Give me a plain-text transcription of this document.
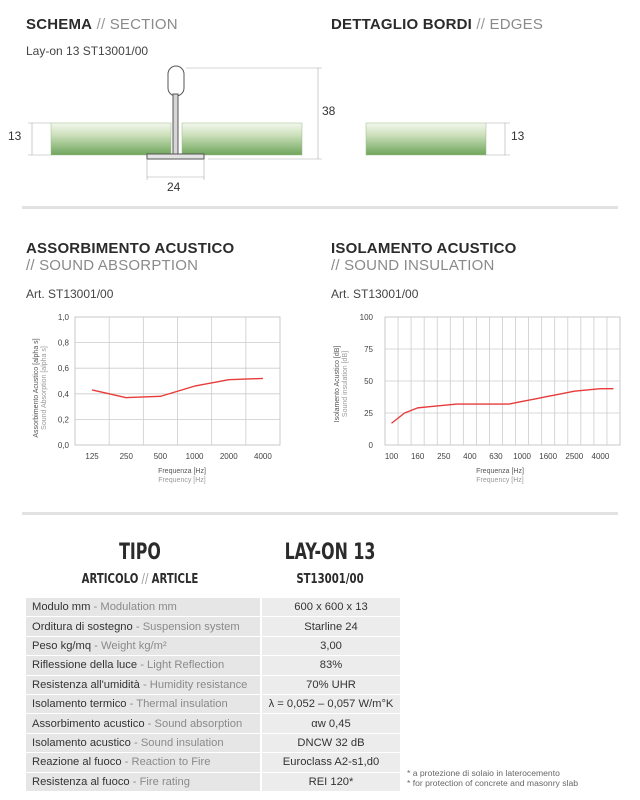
SCHEMA // SECTION
Lay-on 13 ST13001/00
DETTAGLIO BORDI // EDGES
13
38
24
13
ASSORBIMENTO ACUSTICO
// SOUND ABSORPTION
Art. ST13001/00
ISOLAMENTO ACUSTICO
// SOUND INSULATION
Art. ST13001/00
0,0
0,2
0,4
0,6
0,8
1,0
125	250	500 1000 2000 4000
0
25
50
75
100
100 160 250 400 630 1000 1600 2500 4000
Assorbimento Acustico [alpha s] Sound Absorption [alpha s]
Frequenza [Hz]
Frequency [Hz]
Isolamento Acustico [dB] Sound insulation [dB]
Frequenza [Hz]
Frequency [Hz]
TIPO
ARTICOLO // ARTICLE
LAY-ON 13
ST13001/00
Modulo mm - Modulation mm	600 x 600 x 13
Orditura di sostegno - Suspension system	Starline 24
Peso kg/mq - Weight kg/m²	3,00
Riflessione della luce - Light Reflection	83%
Resistenza all'umidità - Humidity resistance	70% UHR
Isolamento termico - Thermal insulation	λ = 0,052 – 0,057 W/m°K
Assorbimento acustico - Sound absorption	αw 0,45
Isolamento acustico - Sound insulation	DNCW 32 dB
Reazione al fuoco - Reaction to Fire	Euroclass A2-s1,d0
Resistenza al fuoco - Fire rating	REI 120*
* a protezione di solaio in laterocemento
* for protection of concrete and masonry slab
